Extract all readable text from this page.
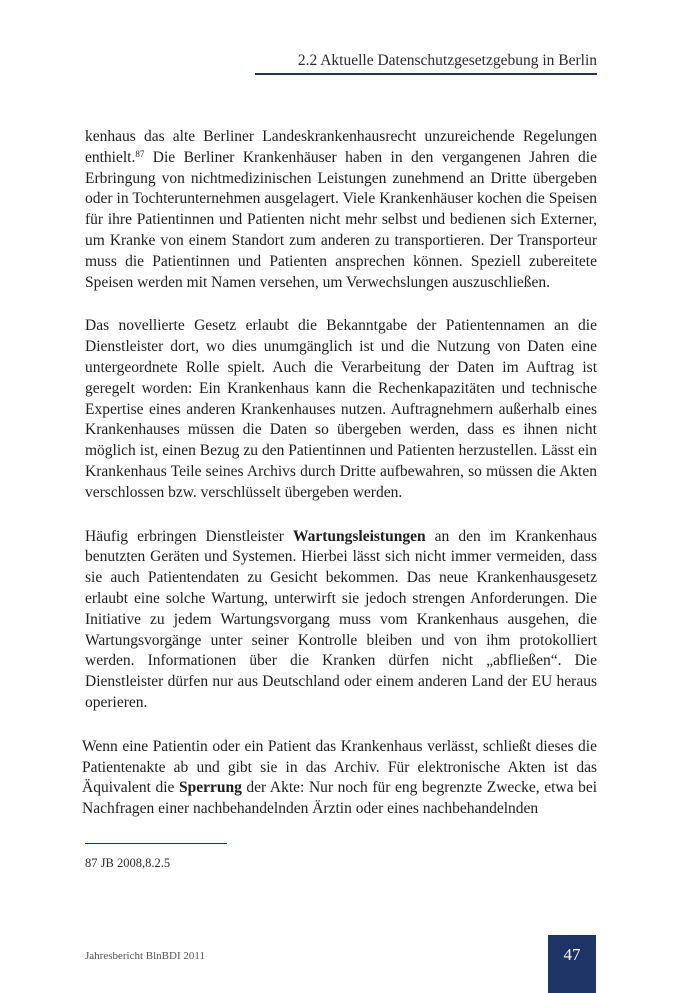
2.2 Aktuelle Datenschutzgesetzgebung in Berlin

kenhaus das alte Berliner Landeskrankenhausrecht unzureichende Regelungen enthielt.$^{87}$ Die Berliner Krankenhäuser haben in den vergangenen Jahren die Erbringung von nichtmedizinischen Leistungen zunehmend an Dritte übergeben oder in Tochterunternehmen ausgelagert. Viele Krankenhäuser kochen die Speisen für ihre Patientinnen und Patienten nicht mehr selbst und bedienen sich Externer, um Kranke von einem Standort zum anderen zu transportieren. Der Transporteur muss die Patientinnen und Patienten ansprechen können. Speziell zubereitete Speisen werden mit Namen versehen, um Verwechslungen auszuschließen.

Das novellierte Gesetz erlaubt die Bekanntgabe der Patientennamen an die Dienstleister dort, wo dies unumgänglich ist und die Nutzung von Daten eine untergeordnete Rolle spielt. Auch die Verarbeitung der Daten im Auftrag ist geregelt worden: Ein Krankenhaus kann die Rechenkapazitäten und technische Expertise eines anderen Krankenhauses nutzen. Auftragnehmern außerhalb eines Krankenhauses müssen die Daten so übergeben werden, dass es ihnen nicht möglich ist, einen Bezug zu den Patientinnen und Patienten herzustellen. Lässt ein Krankenhaus Teile seines Archivs durch Dritte aufbewahren, so müssen die Akten verschlossen bzw. verschlüsselt übergeben werden.

Häufig erbringen Dienstleister Wartungsleistungen an den im Krankenhaus benutzten Geräten und Systemen. Hierbei lässt sich nicht immer vermeiden, dass sie auch Patientendaten zu Gesicht bekommen. Das neue Krankenhausgesetz erlaubt eine solche Wartung, unterwirft sie jedoch strengen Anforderungen. Die Initiative zu jedem Wartungsvorgang muss vom Krankenhaus ausgehen, die Wartungsvorgänge unter seiner Kontrolle bleiben und von ihm protokolliert werden. Informationen über die Kranken dürfen nicht „abfließen“. Die Dienstleister dürfen nur aus Deutschland oder einem anderen Land der EU heraus operieren.

Wenn eine Patientin oder ein Patient das Krankenhaus verlässt, schließt dieses die Patientenakte ab und gibt sie in das Archiv. Für elektronische Akten ist das Äquivalent die Sperrung der Akte: Nur noch für eng begrenzte Zwecke, etwa bei Nachfragen einer nachbehandelnden Ärztin oder eines nachbehandelnden

87 JB 2008,8.2.5
Jahresbericht BlnBDI 2011	47
